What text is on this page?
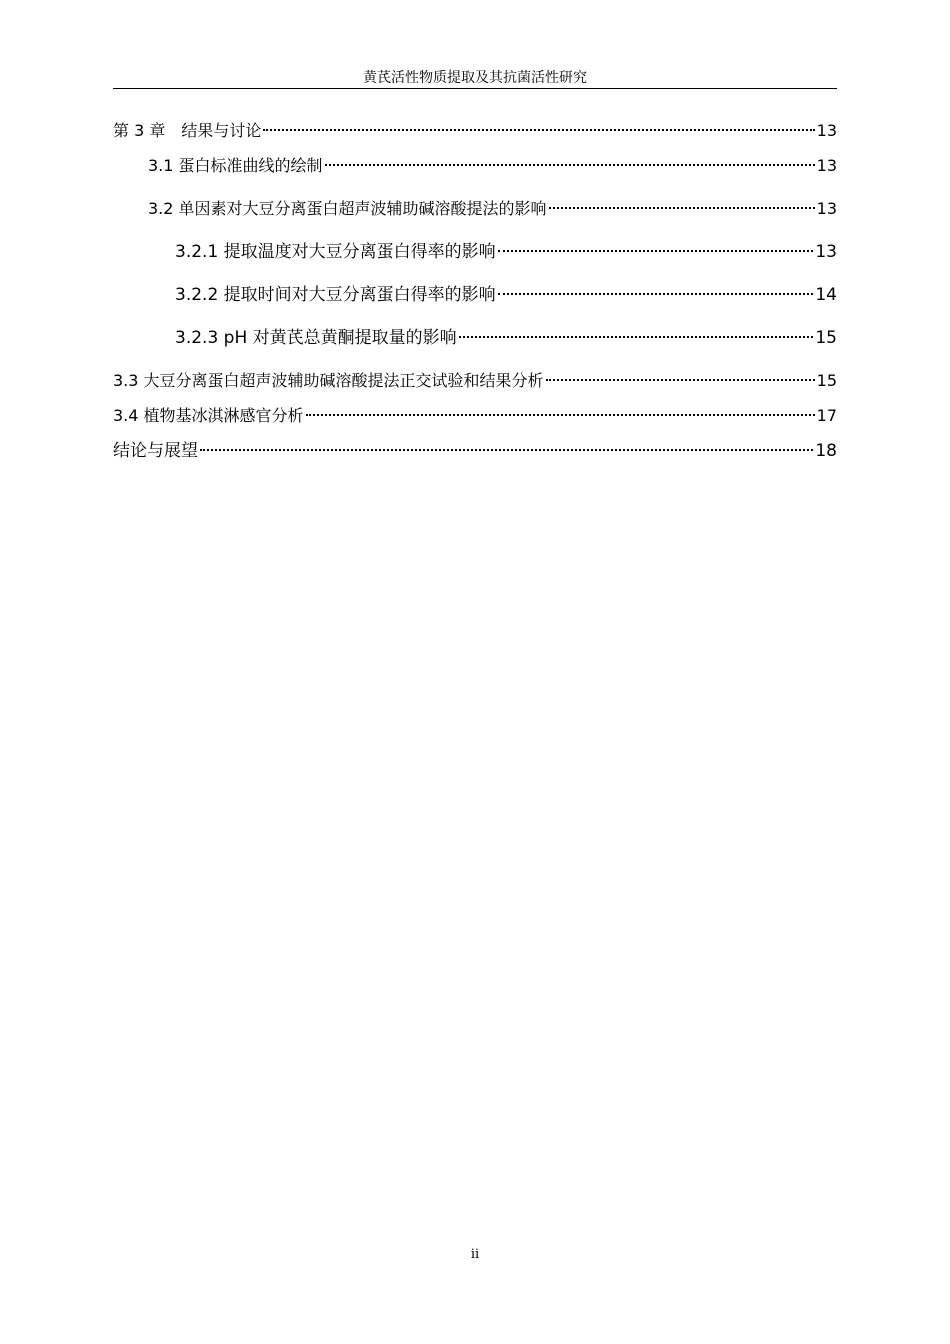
黄芪活性物质提取及其抗菌活性研究
第 3 章　结果与讨论	13
3.1 蛋白标准曲线的绘制	13
3.2 单因素对大豆分离蛋白超声波辅助碱溶酸提法的影响	13
3.2.1 提取温度对大豆分离蛋白得率的影响	13
3.2.2 提取时间对大豆分离蛋白得率的影响	14
3.2.3 pH 对黄芪总黄酮提取量的影响	15
3.3 大豆分离蛋白超声波辅助碱溶酸提法正交试验和结果分析	15
3.4 植物基冰淇淋感官分析	17
结论与展望	18
ii
